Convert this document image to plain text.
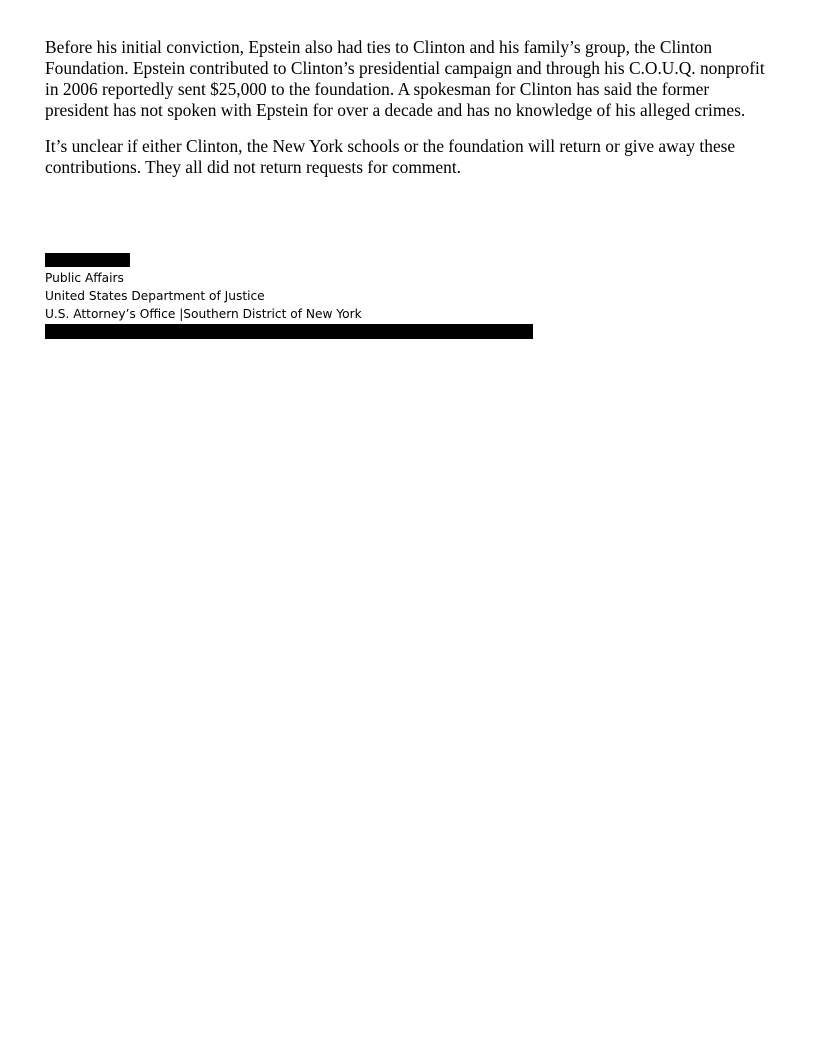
Before his initial conviction, Epstein also had ties to Clinton and his family’s group, the Clinton Foundation. Epstein contributed to Clinton’s presidential campaign and through his C.O.U.Q. nonprofit in 2006 reportedly sent $25,000 to the foundation. A spokesman for Clinton has said the former president has not spoken with Epstein for over a decade and has no knowledge of his alleged crimes.

It’s unclear if either Clinton, the New York schools or the foundation will return or give away these contributions. They all did not return requests for comment.

Public Affairs
United States Department of Justice
U.S. Attorney’s Office |Southern District of New York
